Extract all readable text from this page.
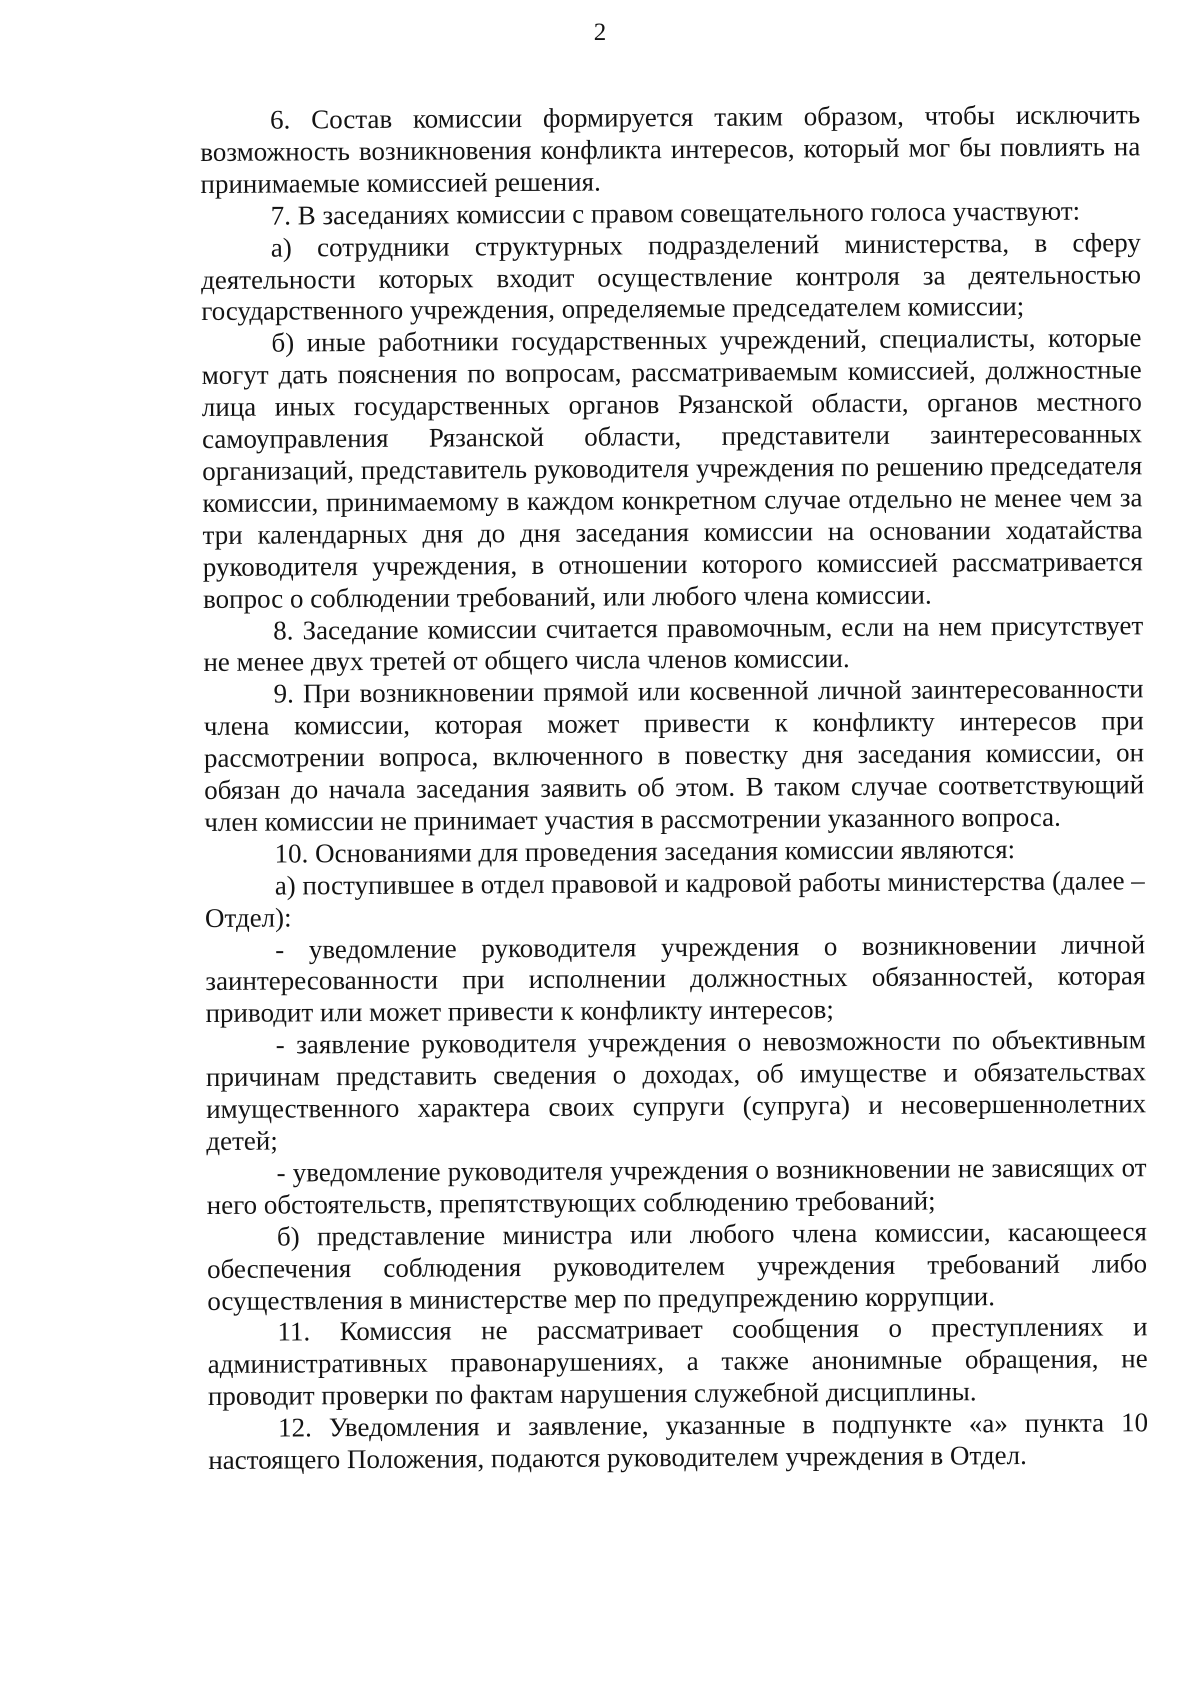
2

6. Состав комиссии формируется таким образом, чтобы исключить возможность возникновения конфликта интересов, который мог бы повлиять на принимаемые комиссией решения.

7. В заседаниях комиссии с правом совещательного голоса участвуют:

а) сотрудники структурных подразделений министерства, в сферу деятельности которых входит осуществление контроля за деятельностью государственного учреждения, определяемые председателем комиссии;

б) иные работники государственных учреждений, специалисты, которые могут дать пояснения по вопросам, рассматриваемым комиссией, должностные лица иных государственных органов Рязанской области, органов местного самоуправления Рязанской области, представители заинтересованных организаций, представитель руководителя учреждения по решению председателя комиссии, принимаемому в каждом конкретном случае отдельно не менее чем за три календарных дня до дня заседания комиссии на основании ходатайства руководителя учреждения, в отношении которого комиссией рассматривается вопрос о соблюдении требований, или любого члена комиссии.

8. Заседание комиссии считается правомочным, если на нем присутствует не менее двух третей от общего числа членов комиссии.

9. При возникновении прямой или косвенной личной заинтересованности члена комиссии, которая может привести к конфликту интересов при рассмотрении вопроса, включенного в повестку дня заседания комиссии, он обязан до начала заседания заявить об этом. В таком случае соответствующий член комиссии не принимает участия в рассмотрении указанного вопроса.

10. Основаниями для проведения заседания комиссии являются:

а) поступившее в отдел правовой и кадровой работы министерства (далее – Отдел):

- уведомление руководителя учреждения о возникновении личной заинтересованности при исполнении должностных обязанностей, которая приводит или может привести к конфликту интересов;

- заявление руководителя учреждения о невозможности по объективным причинам представить сведения о доходах, об имуществе и обязательствах имущественного характера своих супруги (супруга) и несовершеннолетних детей;

- уведомление руководителя учреждения о возникновении не зависящих от него обстоятельств, препятствующих соблюдению требований;

б) представление министра или любого члена комиссии, касающееся обеспечения соблюдения руководителем учреждения требований либо осуществления в министерстве мер по предупреждению коррупции.

11. Комиссия не рассматривает сообщения о преступлениях и административных правонарушениях, а также анонимные обращения, не проводит проверки по фактам нарушения служебной дисциплины.

12. Уведомления и заявление, указанные в подпункте «а» пункта 10 настоящего Положения, подаются руководителем учреждения в Отдел.
